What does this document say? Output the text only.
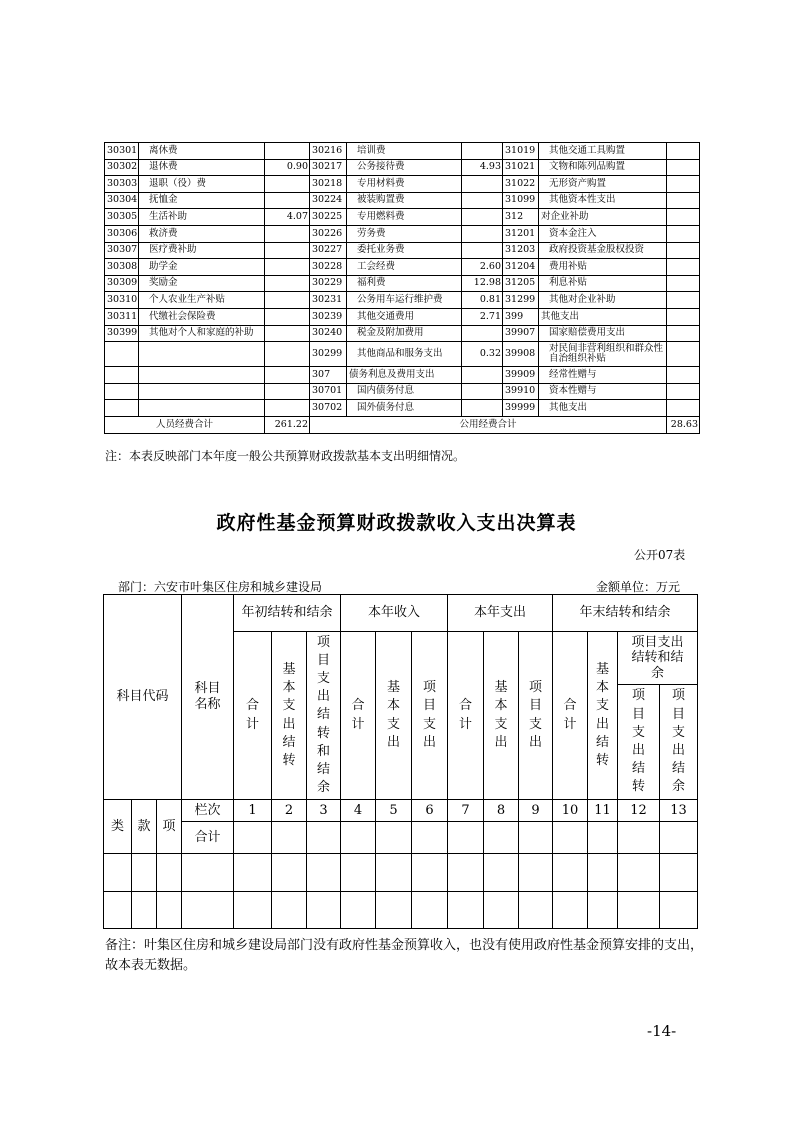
30301	离休费		30216	培训费		31019	其他交通工具购置	
30302	退休费	0.90	30217	公务接待费	4.93	31021	文物和陈列品购置	
30303	退职（役）费		30218	专用材料费		31022	无形资产购置	
30304	抚恤金		30224	被装购置费		31099	其他资本性支出	
30305	生活补助	4.07	30225	专用燃料费		312	对企业补助	
30306	救济费		30226	劳务费		31201	资本金注入	
30307	医疗费补助		30227	委托业务费		31203	政府投资基金股权投资	
30308	助学金		30228	工会经费	2.60	31204	费用补贴	
30309	奖励金		30229	福利费	12.98	31205	利息补贴	
30310	个人农业生产补贴		30231	公务用车运行维护费	0.81	31299	其他对企业补助	
30311	代缴社会保险费		30239	其他交通费用	2.71	399	其他支出	
30399	其他对个人和家庭的补助		30240	税金及附加费用		39907	国家赔偿费用支出	
			30299	其他商品和服务支出	0.32	39908	对民间非营利组织和群众性自治组织补贴	
			307	债务利息及费用支出		39909	经常性赠与	
			30701	国内债务付息		39910	资本性赠与	
			30702	国外债务付息		39999	其他支出	
人员经费合计		261.22	公用经费合计					28.63
注：本表反映部门本年度一般公共预算财政拨款基本支出明细情况。
政府性基金预算财政拨款收入支出决算表
公开07表
部门：六安市叶集区住房和城乡建设局	金额单位：万元
科目代码			科目名称	年初结转和结余			本年收入			本年支出			年末结转和结余			
				合计	基本支出结转	项目支出结转和结余	合计	基本支出	项目支出	合计	基本支出	项目支出	合计	基本支出结转	项目支出结转和结余	
															项目支出结转	项目支出结余
类	款	项	栏次	1	2	3	4	5	6	7	8	9	10	11	12	13
			合计													

备注：叶集区住房和城乡建设局部门没有政府性基金预算收入，也没有使用政府性基金预算安排的支出，故本表无数据。
-14-
